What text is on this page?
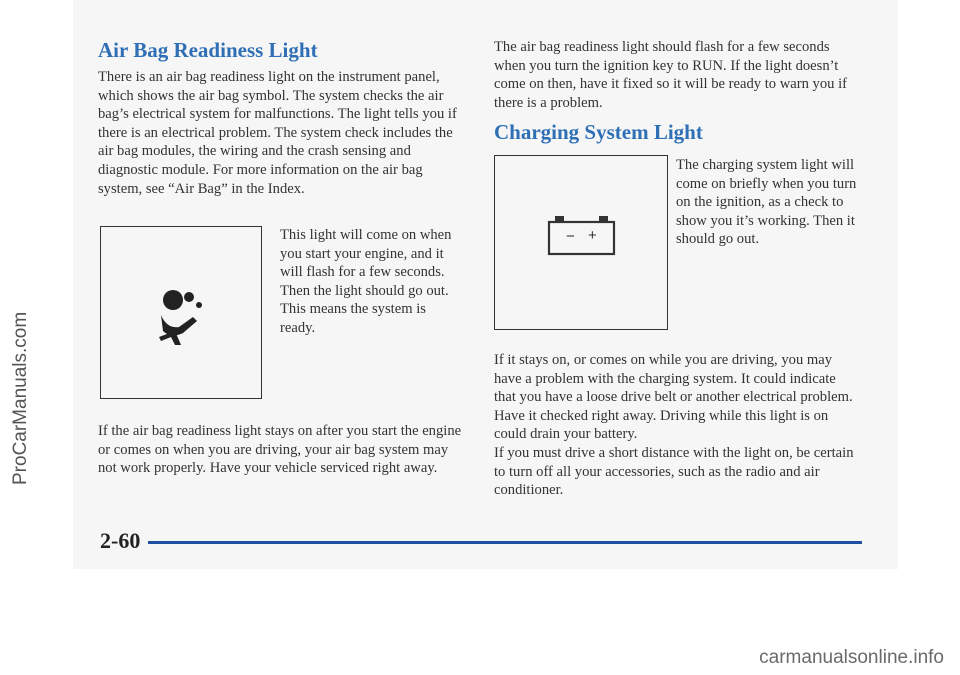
Air Bag Readiness Light

There is an air bag readiness light on the instrument panel, which shows the air bag symbol. The system checks the air bag’s electrical system for malfunctions. The light tells you if there is an electrical problem. The system check includes the air bag modules, the wiring and the crash sensing and diagnostic module. For more information on the air bag system, see “Air Bag” in the Index.

This light will come on when you start your engine, and it will flash for a few seconds. Then the light should go out. This means the system is ready.

If the air bag readiness light stays on after you start the engine or comes on when you are driving, your air bag system may not work properly. Have your vehicle serviced right away.

The air bag readiness light should flash for a few seconds when you turn the ignition key to RUN. If the light doesn’t come on then, have it fixed so it will be ready to warn you if there is a problem.

Charging System Light
− +

The charging system light will come on briefly when you turn on the ignition, as a check to show you it’s working. Then it should go out.

If it stays on, or comes on while you are driving, you may have a problem with the charging system. It could indicate that you have a loose drive belt or another electrical problem. Have it checked right away. Driving while this light is on could drain your battery.

If you must drive a short distance with the light on, be certain to turn off all your accessories, such as the radio and air conditioner.

2-60
ProCarManuals.com
carmanualsonline.info
